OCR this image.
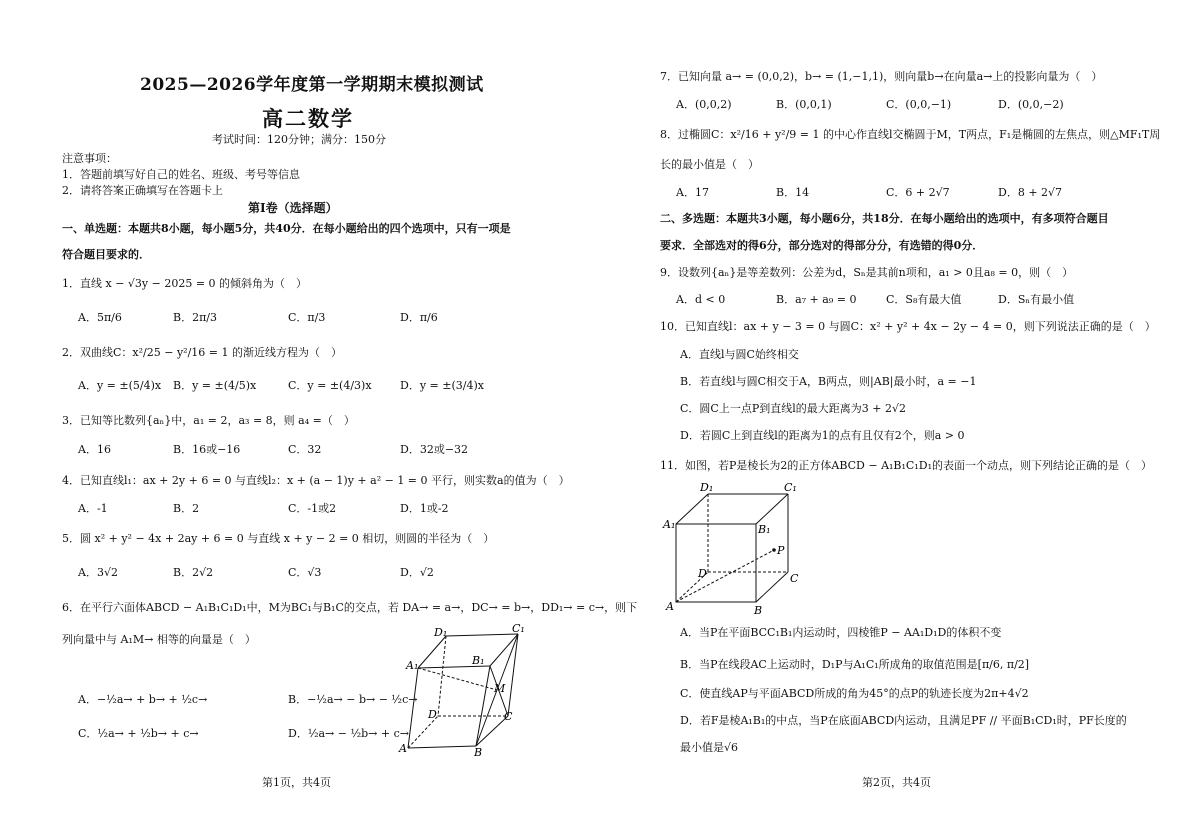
2025—2026学年度第一学期期末模拟测试
高二数学
考试时间：120分钟；满分：150分
注意事项：
1．答题前填写好自己的姓名、班级、考号等信息
2．请将答案正确填写在答题卡上
第I卷（选择题）
一、单选题：本题共8小题，每小题5分，共40分．在每小题给出的四个选项中，只有一项是
符合题目要求的．
1．直线 x − √3y − 2025 = 0 的倾斜角为（　）
A．5π/6	B．2π/3	C．π/3	D．π/6
2．双曲线C：x²/25 − y²/16 = 1 的渐近线方程为（　）
A．y = ±(5/4)x B．y = ±(4/5)x	C．y = ±(4/3)x	D．y = ±(3/4)x
3．已知等比数列{aₙ}中，a₁ = 2，a₃ = 8，则 a₄ =（　）
A．16	B．16或−16	C．32	D．32或−32
4．已知直线l₁：ax + 2y + 6 = 0 与直线l₂：x + (a − 1)y + a² − 1 = 0 平行，则实数a的值为（　）
A．-1	B．2	C．-1或2	D．1或-2
5．圆 x² + y² − 4x + 2ay + 6 = 0 与直线 x + y − 2 = 0 相切，则圆的半径为（　）
A．3√2	B．2√2	C．√3	D．√2
6．在平行六面体ABCD − A₁B₁C₁D₁中，M为BC₁与B₁C的交点，若 DA→ = a→，DC→ = b→，DD₁→ = c→，则下
列向量中与 A₁M→ 相等的向量是（　）
A．−½a→ + b→ + ½c→	B．−½a→ − b→ − ½c→
C．½a→ + ½b→ + c→	D．½a→ − ½b→ + c→
D₁	C₁
A₁	B₁
M
D	C
A	B
第1页，共4页
7．已知向量 a→ = (0,0,2)，b→ = (1,−1,1)，则向量b→在向量a→上的投影向量为（　）
A．(0,0,2)	B．(0,0,1)	C．(0,0,−1)	D．(0,0,−2)
8．过椭圆C：x²/16 + y²/9 = 1 的中心作直线l交椭圆于M，T两点，F₁是椭圆的左焦点，则△MF₁T周
长的最小值是（　）
A．17	B．14	C．6 + 2√7	D．8 + 2√7
二、多选题：本题共3小题，每小题6分，共18分．在每小题给出的选项中，有多项符合题目
要求．全部选对的得6分，部分选对的得部分分，有选错的得0分．
9．设数列{aₙ}是等差数列：公差为d，Sₙ是其前n项和，a₁ > 0且a₈ = 0，则（　）
A．d < 0	B．a₇ + a₉ = 0	C．S₈有最大值	D．Sₙ有最小值
10．已知直线l：ax + y − 3 = 0 与圆C：x² + y² + 4x − 2y − 4 = 0，则下列说法正确的是（　）
A．直线l与圆C始终相交
B．若直线l与圆C相交于A，B两点，则|AB|最小时，a = −1
C．圆C上一点P到直线l的最大距离为3 + 2√2
D．若圆C上到直线l的距离为1的点有且仅有2个，则a > 0
11．如图，若P是棱长为2的正方体ABCD − A₁B₁C₁D₁的表面一个动点，则下列结论正确的是（　）
D₁	C₁
A₁	B₁
P
D	C
A	B
A．当P在平面BCC₁B₁内运动时，四棱锥P − AA₁D₁D的体积不变
B．当P在线段AC上运动时，D₁P与A₁C₁所成角的取值范围是[π/6, π/2]
C．使直线AP与平面ABCD所成的角为45°的点P的轨迹长度为2π+4√2
D．若F是棱A₁B₁的中点，当P在底面ABCD内运动，且满足PF // 平面B₁CD₁时，PF长度的
最小值是√6
第2页，共4页
